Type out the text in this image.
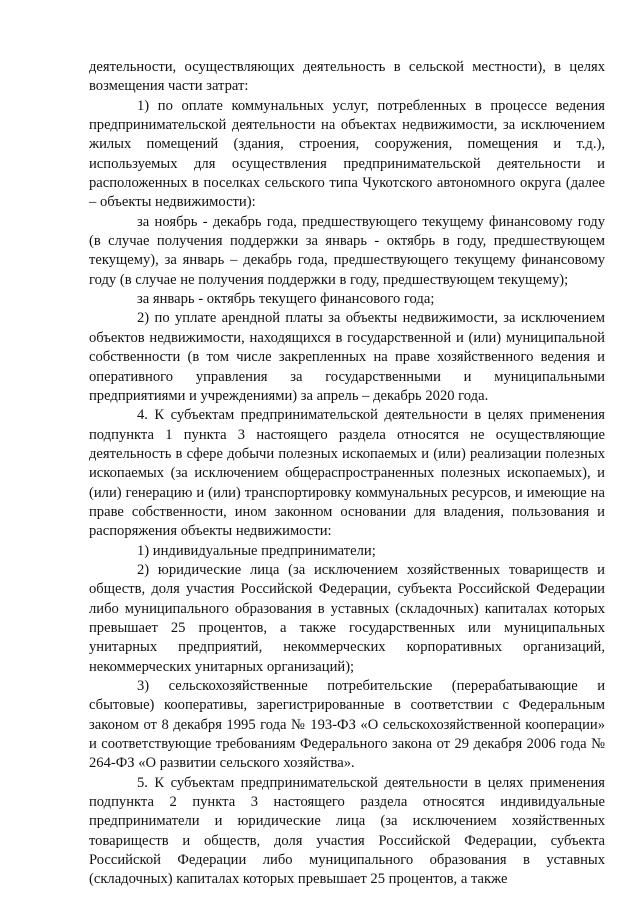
деятельности, осуществляющих деятельность в сельской местности), в целях возмещения части затрат:

1) по оплате коммунальных услуг, потребленных в процессе ведения предпринимательской деятельности на объектах недвижимости, за исключением жилых помещений (здания, строения, сооружения, помещения и т.д.), используемых для осуществления предпринимательской деятельности и расположенных в поселках сельского типа Чукотского автономного округа (далее – объекты недвижимости):

за ноябрь - декабрь года, предшествующего текущему финансовому году (в случае получения поддержки за январь - октябрь в году, предшествующем текущему), за январь – декабрь года, предшествующего текущему финансовому году (в случае не получения поддержки в году, предшествующем текущему);

за январь - октябрь текущего финансового года;

2) по уплате арендной платы за объекты недвижимости, за исключением объектов недвижимости, находящихся в государственной и (или) муниципальной собственности (в том числе закрепленных на праве хозяйственного ведения и оперативного управления за государственными и муниципальными предприятиями и учреждениями) за апрель – декабрь 2020 года.

4. К субъектам предпринимательской деятельности в целях применения подпункта 1 пункта 3 настоящего раздела относятся не осуществляющие деятельность в сфере добычи полезных ископаемых и (или) реализации полезных ископаемых (за исключением общераспространенных полезных ископаемых), и (или) генерацию и (или) транспортировку коммунальных ресурсов, и имеющие на праве собственности, ином законном основании для владения, пользования и распоряжения объекты недвижимости:

1) индивидуальные предприниматели;

2) юридические лица (за исключением хозяйственных товариществ и обществ, доля участия Российской Федерации, субъекта Российской Федерации либо муниципального образования в уставных (складочных) капиталах которых превышает 25 процентов, а также государственных или муниципальных унитарных предприятий, некоммерческих корпоративных организаций, некоммерческих унитарных организаций);

3) сельскохозяйственные потребительские (перерабатывающие и сбытовые) кооперативы, зарегистрированные в соответствии с Федеральным законом от 8 декабря 1995 года № 193-ФЗ «О сельскохозяйственной кооперации» и соответствующие требованиям Федерального закона от 29 декабря 2006 года № 264-ФЗ «О развитии сельского хозяйства».

5. К субъектам предпринимательской деятельности в целях применения подпункта 2 пункта 3 настоящего раздела относятся индивидуальные предприниматели и юридические лица (за исключением хозяйственных товариществ и обществ, доля участия Российской Федерации, субъекта Российской Федерации либо муниципального образования в уставных (складочных) капиталах которых превышает 25 процентов, а также
